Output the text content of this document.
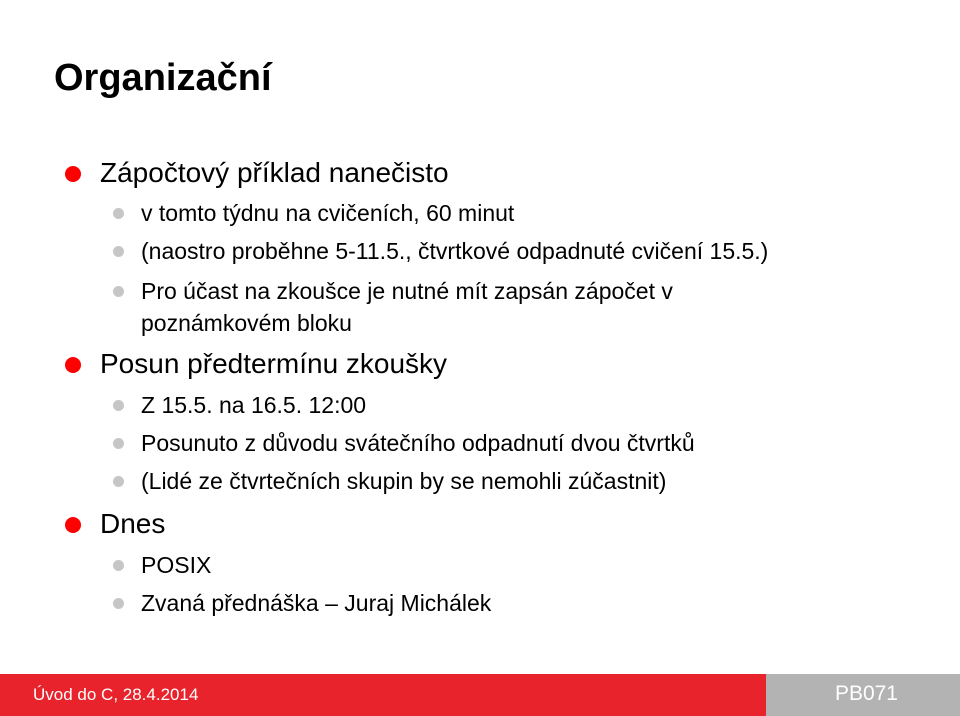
Organizační
Zápočtový příklad nanečisto
v tomto týdnu na cvičeních, 60 minut
(naostro proběhne 5-11.5., čtvrtkové odpadnuté cvičení 15.5.)
Pro účast na zkoušce je nutné mít zapsán zápočet v
poznámkovém bloku
Posun předtermínu zkoušky
Z 15.5. na 16.5. 12:00
Posunuto z důvodu svátečního odpadnutí dvou čtvrtků
(Lidé ze čtvrtečních skupin by se nemohli zúčastnit)
Dnes
POSIX
Zvaná přednáška – Juraj Michálek
Úvod do C, 28.4.2014	PB071
